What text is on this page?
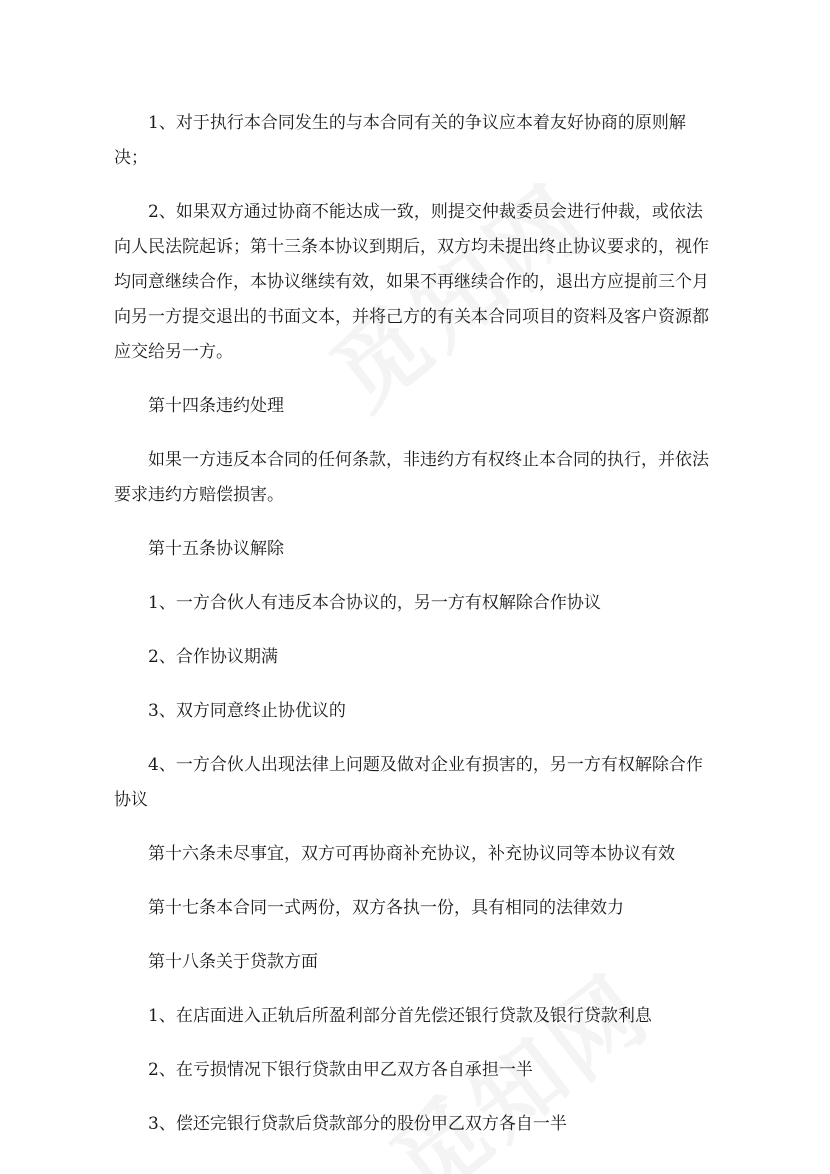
1、对于执行本合同发生的与本合同有关的争议应本着友好协商的原则解决；

2、如果双方通过协商不能达成一致，则提交仲裁委员会进行仲裁，或依法向人民法院起诉；第十三条本协议到期后，双方均未提出终止协议要求的，视作均同意继续合作，本协议继续有效，如果不再继续合作的，退出方应提前三个月向另一方提交退出的书面文本，并将己方的有关本合同项目的资料及客户资源都应交给另一方。

第十四条违约处理

如果一方违反本合同的任何条款，非违约方有权终止本合同的执行，并依法要求违约方赔偿损害。

第十五条协议解除

1、一方合伙人有违反本合协议的，另一方有权解除合作协议

2、合作协议期满

3、双方同意终止协优议的

4、一方合伙人出现法律上问题及做对企业有损害的，另一方有权解除合作协议

第十六条未尽事宜，双方可再协商补充协议，补充协议同等本协议有效

第十七条本合同一式两份，双方各执一份，具有相同的法律效力

第十八条关于贷款方面

1、在店面进入正轨后所盈利部分首先偿还银行贷款及银行贷款利息

2、在亏损情况下银行贷款由甲乙双方各自承担一半

3、偿还完银行贷款后贷款部分的股份甲乙双方各自一半
